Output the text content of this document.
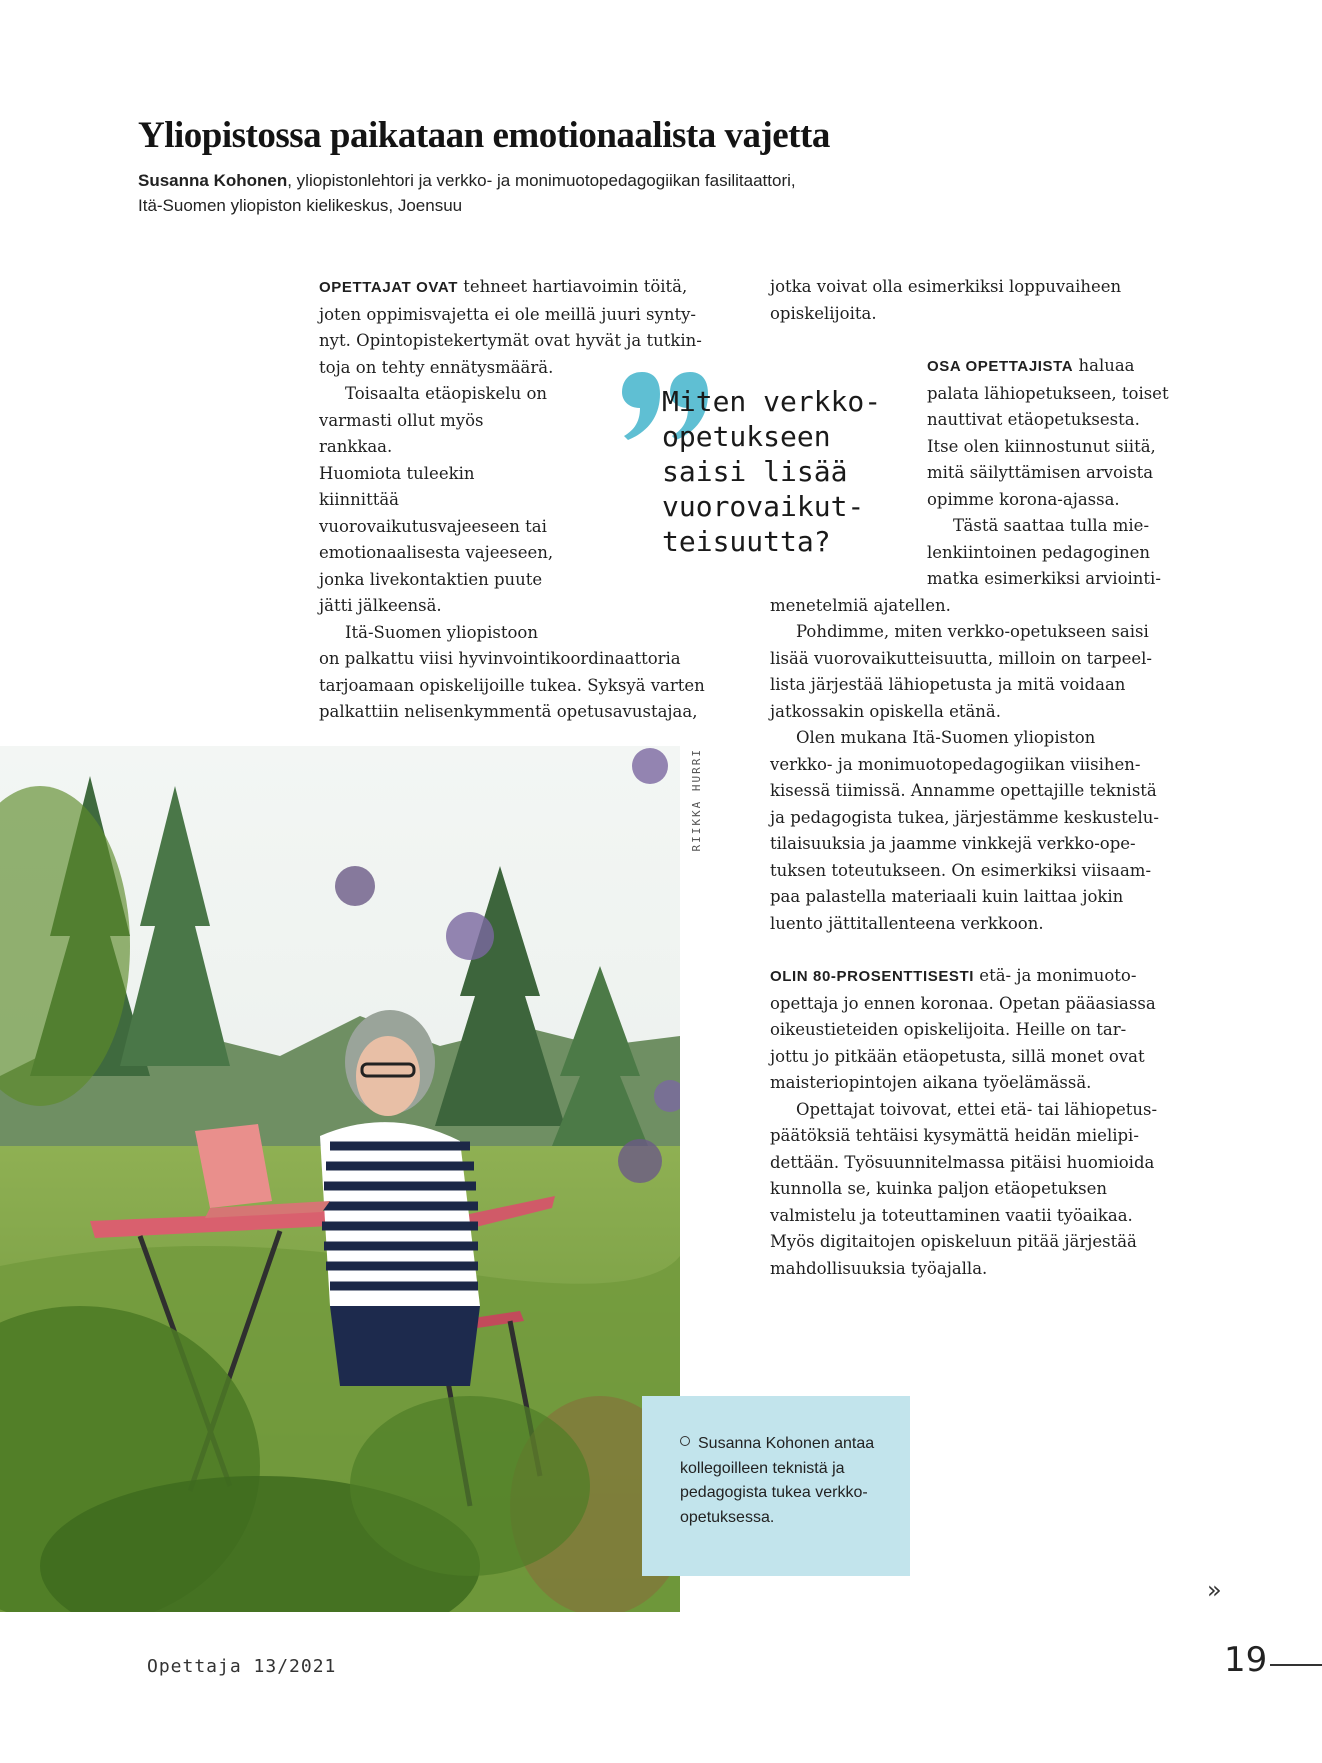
Yliopistossa paikataan emotionaalista vajetta
Susanna Kohonen, yliopistonlehtori ja verkko- ja monimuotopedagogiikan fasilitaattori,
Itä-Suomen yliopiston kielikeskus, Joensuu

OPETTAJAT OVAT tehneet hartiavoimin töitä,
joten oppimisvajetta ei ole meillä juuri synty-
nyt. Opintopistekertymät ovat hyvät ja tutkin-
toja on tehty ennätysmäärä.

Toisaalta etäopiskelu on
varmasti ollut myös rankkaa.
Huomiota tuleekin kiinnittää
vuorovaikutusvajeeseen tai
emotionaalisesta vajeeseen,
jonka livekontaktien puute
jätti jälkeensä.

Itä-Suomen yliopistoon
on palkattu viisi hyvinvointikoordinaattoria
tarjoamaan opiskelijoille tukea. Syksyä varten
palkattiin nelisenkymmentä opetusavustajaa,

Miten verkko-
opetukseen
saisi lisää
vuorovaikut-
teisuutta?

jotka voivat olla esimerkiksi loppuvaiheen
opiskelijoita.

OSA OPETTAJISTA haluaa
palata lähiopetukseen, toiset
nauttivat etäopetuksesta.
Itse olen kiinnostunut siitä,
mitä säilyttämisen arvoista
opimme korona-ajassa.

Tästä saattaa tulla mie-
lenkiintoinen pedagoginen
matka esimerkiksi arviointi-

menetelmiä ajatellen.

Pohdimme, miten verkko-opetukseen saisi
lisää vuorovaikutteisuutta, milloin on tarpeel-
lista järjestää lähiopetusta ja mitä voidaan
jatkossakin opiskella etänä.

Olen mukana Itä-Suomen yliopiston
verkko- ja monimuotopedagogiikan viisihen-
kisessä tiimissä. Annamme opettajille teknistä
ja pedagogista tukea, järjestämme keskustelu-
tilaisuuksia ja jaamme vinkkejä verkko-ope-
tuksen toteutukseen. On esimerkiksi viisaam-
paa palastella materiaali kuin laittaa jokin
luento jättitallenteena verkkoon.

OLIN 80-PROSENTTISESTI etä- ja monimuoto-
opettaja jo ennen koronaa. Opetan pääasiassa
oikeustieteiden opiskelijoita. Heille on tar-
jottu jo pitkään etäopetusta, sillä monet ovat
maisteriopintojen aikana työelämässä.

Opettajat toivovat, ettei etä- tai lähiopetus-
päätöksiä tehtäisi kysymättä heidän mielipi-
dettään. Työsuunnitelmassa pitäisi huomioida
kunnolla se, kuinka paljon etäopetuksen
valmistelu ja toteuttaminen vaatii työaikaa.
Myös digitaitojen opiskeluun pitää järjestää
mahdollisuuksia työajalla.

RIIKKA HURRI
Susanna Kohonen antaa kollegoilleen teknistä ja pedagogista tukea verkko-opetuksessa.
»
Opettaja 13/2021	19
